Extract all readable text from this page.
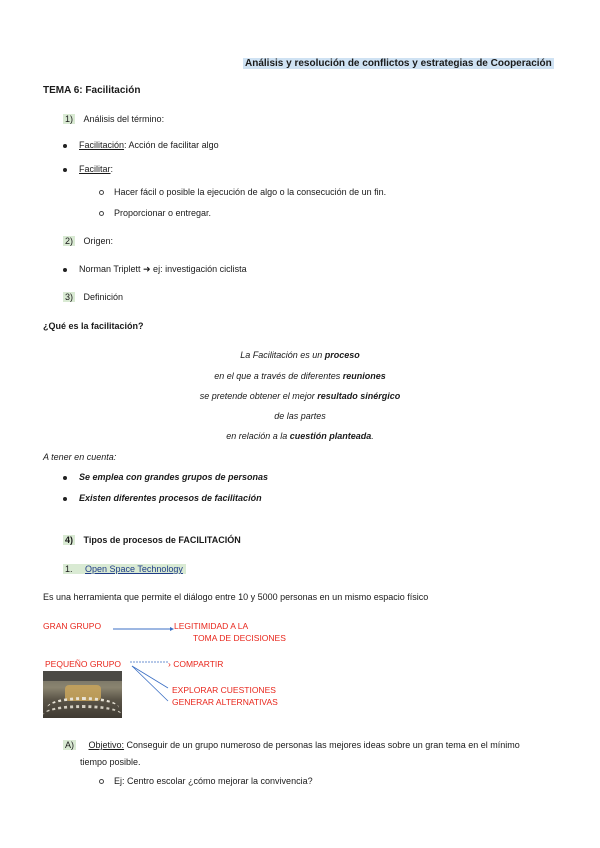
Análisis y resolución de conflictos y estrategias de Cooperación
TEMA 6: Facilitación
1) Análisis del término:
Facilitación: Acción de facilitar algo
Facilitar:
Hacer fácil o posible la ejecución de algo o la consecución de un fin.
Proporcionar o entregar.
2) Origen:
Norman Triplett ➜ ej: investigación ciclista
3) Definición
¿Qué es la facilitación?
La Facilitación es un proceso
en el que a través de diferentes reuniones
se pretende obtener el mejor resultado sinérgico
de las partes
en relación a la cuestión planteada.
A tener en cuenta:
Se emplea con grandes grupos de personas
Existen diferentes procesos de facilitación
4) Tipos de procesos de FACILITACIÓN
1. Open Space Technology
Es una herramienta que permite el diálogo entre 10 y 5000 personas en un mismo espacio físico
GRAN GRUPO	LEGITIMIDAD A LA
TOMA DE DECISIONES
PEQUEÑO GRUPO	› COMPARTIR
EXPLORAR CUESTIONES
GENERAR ALTERNATIVAS
A) Objetivo: Conseguir de un grupo numeroso de personas las mejores ideas sobre un gran tema en el mínimo
tiempo posible.
Ej: Centro escolar ¿cómo mejorar la convivencia?
